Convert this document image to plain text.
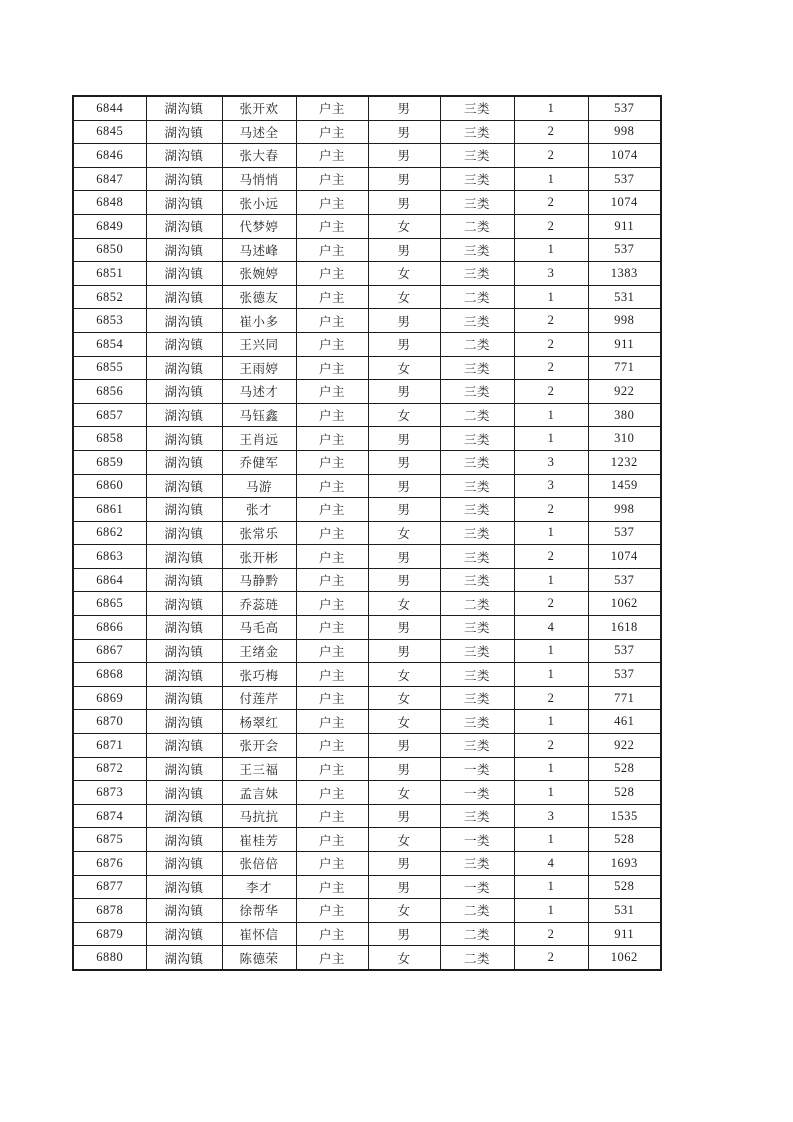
6844	湖沟镇	张开欢	户主	男	三类	1	537
6845	湖沟镇	马述全	户主	男	三类	2	998
6846	湖沟镇	张大春	户主	男	三类	2	1074
6847	湖沟镇	马悄悄	户主	男	三类	1	537
6848	湖沟镇	张小远	户主	男	三类	2	1074
6849	湖沟镇	代梦婷	户主	女	二类	2	911
6850	湖沟镇	马述峰	户主	男	三类	1	537
6851	湖沟镇	张婉婷	户主	女	三类	3	1383
6852	湖沟镇	张德友	户主	女	二类	1	531
6853	湖沟镇	崔小多	户主	男	三类	2	998
6854	湖沟镇	王兴同	户主	男	二类	2	911
6855	湖沟镇	王雨婷	户主	女	三类	2	771
6856	湖沟镇	马述才	户主	男	三类	2	922
6857	湖沟镇	马钰鑫	户主	女	二类	1	380
6858	湖沟镇	王肖远	户主	男	三类	1	310
6859	湖沟镇	乔健军	户主	男	三类	3	1232
6860	湖沟镇	马游	户主	男	三类	3	1459
6861	湖沟镇	张才	户主	男	三类	2	998
6862	湖沟镇	张常乐	户主	女	三类	1	537
6863	湖沟镇	张开彬	户主	男	三类	2	1074
6864	湖沟镇	马静黔	户主	男	三类	1	537
6865	湖沟镇	乔蕊琏	户主	女	二类	2	1062
6866	湖沟镇	马毛高	户主	男	三类	4	1618
6867	湖沟镇	王绪金	户主	男	三类	1	537
6868	湖沟镇	张巧梅	户主	女	三类	1	537
6869	湖沟镇	付莲芹	户主	女	三类	2	771
6870	湖沟镇	杨翠红	户主	女	三类	1	461
6871	湖沟镇	张开会	户主	男	三类	2	922
6872	湖沟镇	王三福	户主	男	一类	1	528
6873	湖沟镇	孟言妹	户主	女	一类	1	528
6874	湖沟镇	马抗抗	户主	男	三类	3	1535
6875	湖沟镇	崔桂芳	户主	女	一类	1	528
6876	湖沟镇	张倍倍	户主	男	三类	4	1693
6877	湖沟镇	李才	户主	男	一类	1	528
6878	湖沟镇	徐帮华	户主	女	二类	1	531
6879	湖沟镇	崔怀信	户主	男	二类	2	911
6880	湖沟镇	陈德荣	户主	女	二类	2	1062
